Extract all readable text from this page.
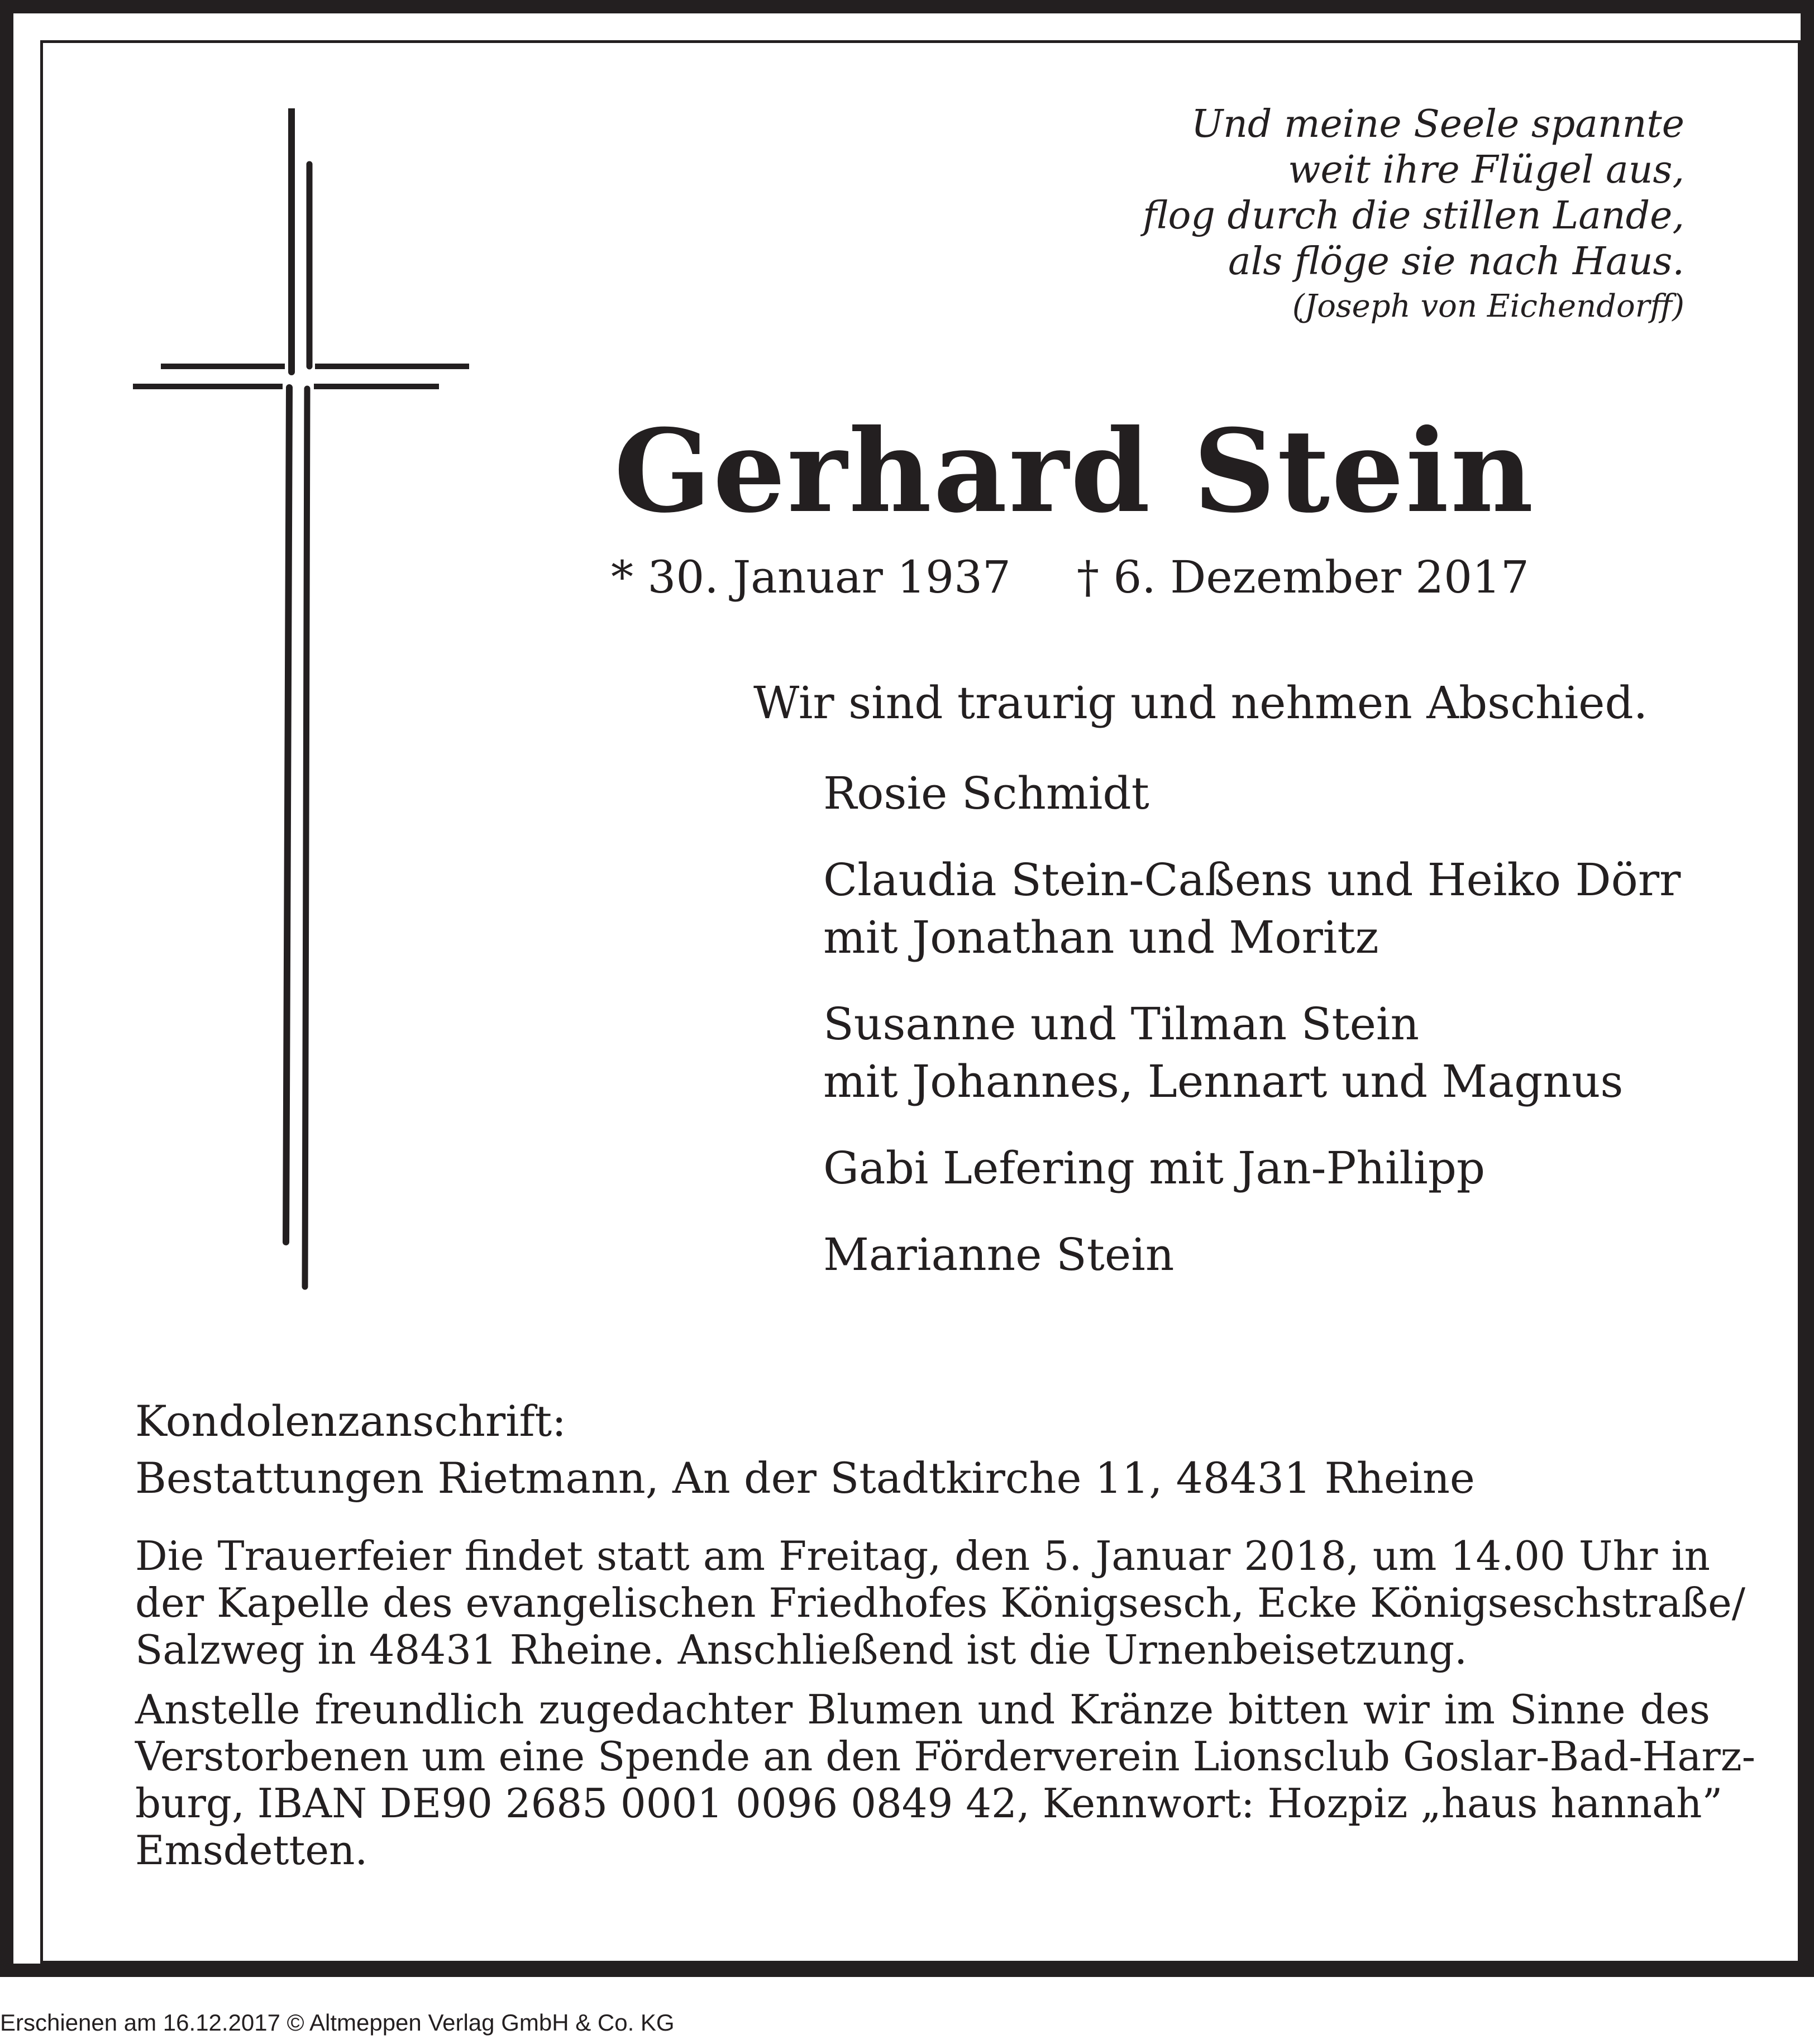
Und meine Seele spannte
weit ihre Flügel aus,
flog durch die stillen Lande,
als flöge sie nach Haus.
(Joseph von Eichendorff)
Gerhard Stein
* 30. Januar 1937 † 6. Dezember 2017
Wir sind traurig und nehmen Abschied.
Rosie Schmidt
Claudia Stein-Caßens und Heiko Dörr
mit Jonathan und Moritz
Susanne und Tilman Stein
mit Johannes, Lennart und Magnus
Gabi Lefering mit Jan-Philipp
Marianne Stein
Kondolenzanschrift:
Bestattungen Rietmann, An der Stadtkirche 11, 48431 Rheine
Die Trauerfeier findet statt am Freitag, den 5. Januar 2018, um 14.00 Uhr in
der Kapelle des evangelischen Friedhofes Königsesch, Ecke Königseschstraße/
Salzweg in 48431 Rheine. Anschließend ist die Urnenbeisetzung.
Anstelle freundlich zugedachter Blumen und Kränze bitten wir im Sinne des
Verstorbenen um eine Spende an den Förderverein Lionsclub Goslar-Bad-Harz-
burg, IBAN DE90 2685 0001 0096 0849 42, Kennwort: Hozpiz „haus hannah”
Emsdetten.
Erschienen am 16.12.2017 © Altmeppen Verlag GmbH & Co. KG
